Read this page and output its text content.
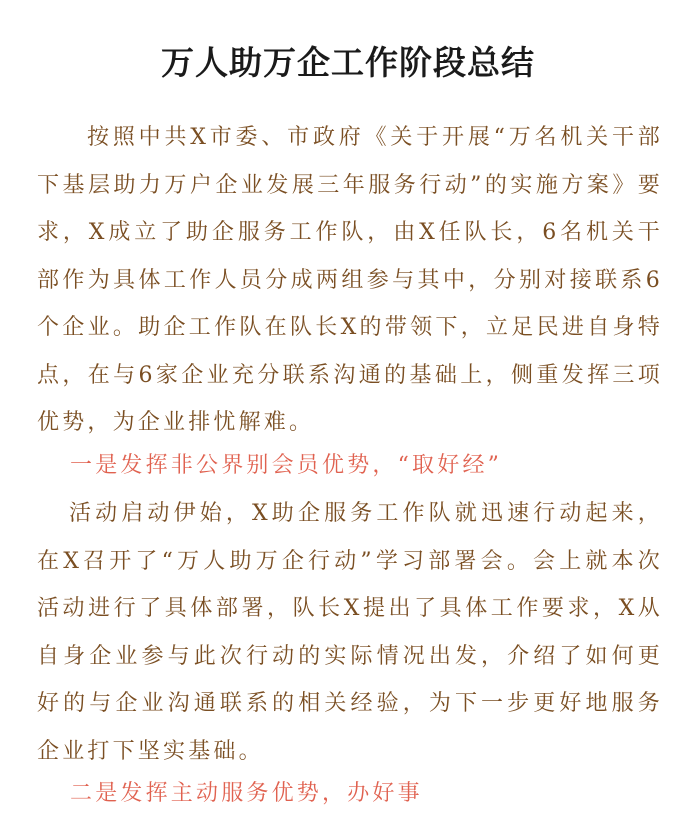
万人助万企工作阶段总结

按照中共X市委、市政府《关于开展“万名机关干部下基层助力万户企业发展三年服务行动”的实施方案》要求，X成立了助企服务工作队，由X任队长，6名机关干部作为具体工作人员分成两组参与其中，分别对接联系6个企业。助企工作队在队长X的带领下，立足民进自身特点，在与6家企业充分联系沟通的基础上，侧重发挥三项优势，为企业排忧解难。

一是发挥非公界别会员优势，“取好经”

活动启动伊始，X助企服务工作队就迅速行动起来，在X召开了“万人助万企行动”学习部署会。会上就本次活动进行了具体部署，队长X提出了具体工作要求，X从自身企业参与此次行动的实际情况出发，介绍了如何更好的与企业沟通联系的相关经验，为下一步更好地服务企业打下坚实基础。

二是发挥主动服务优势，办好事
